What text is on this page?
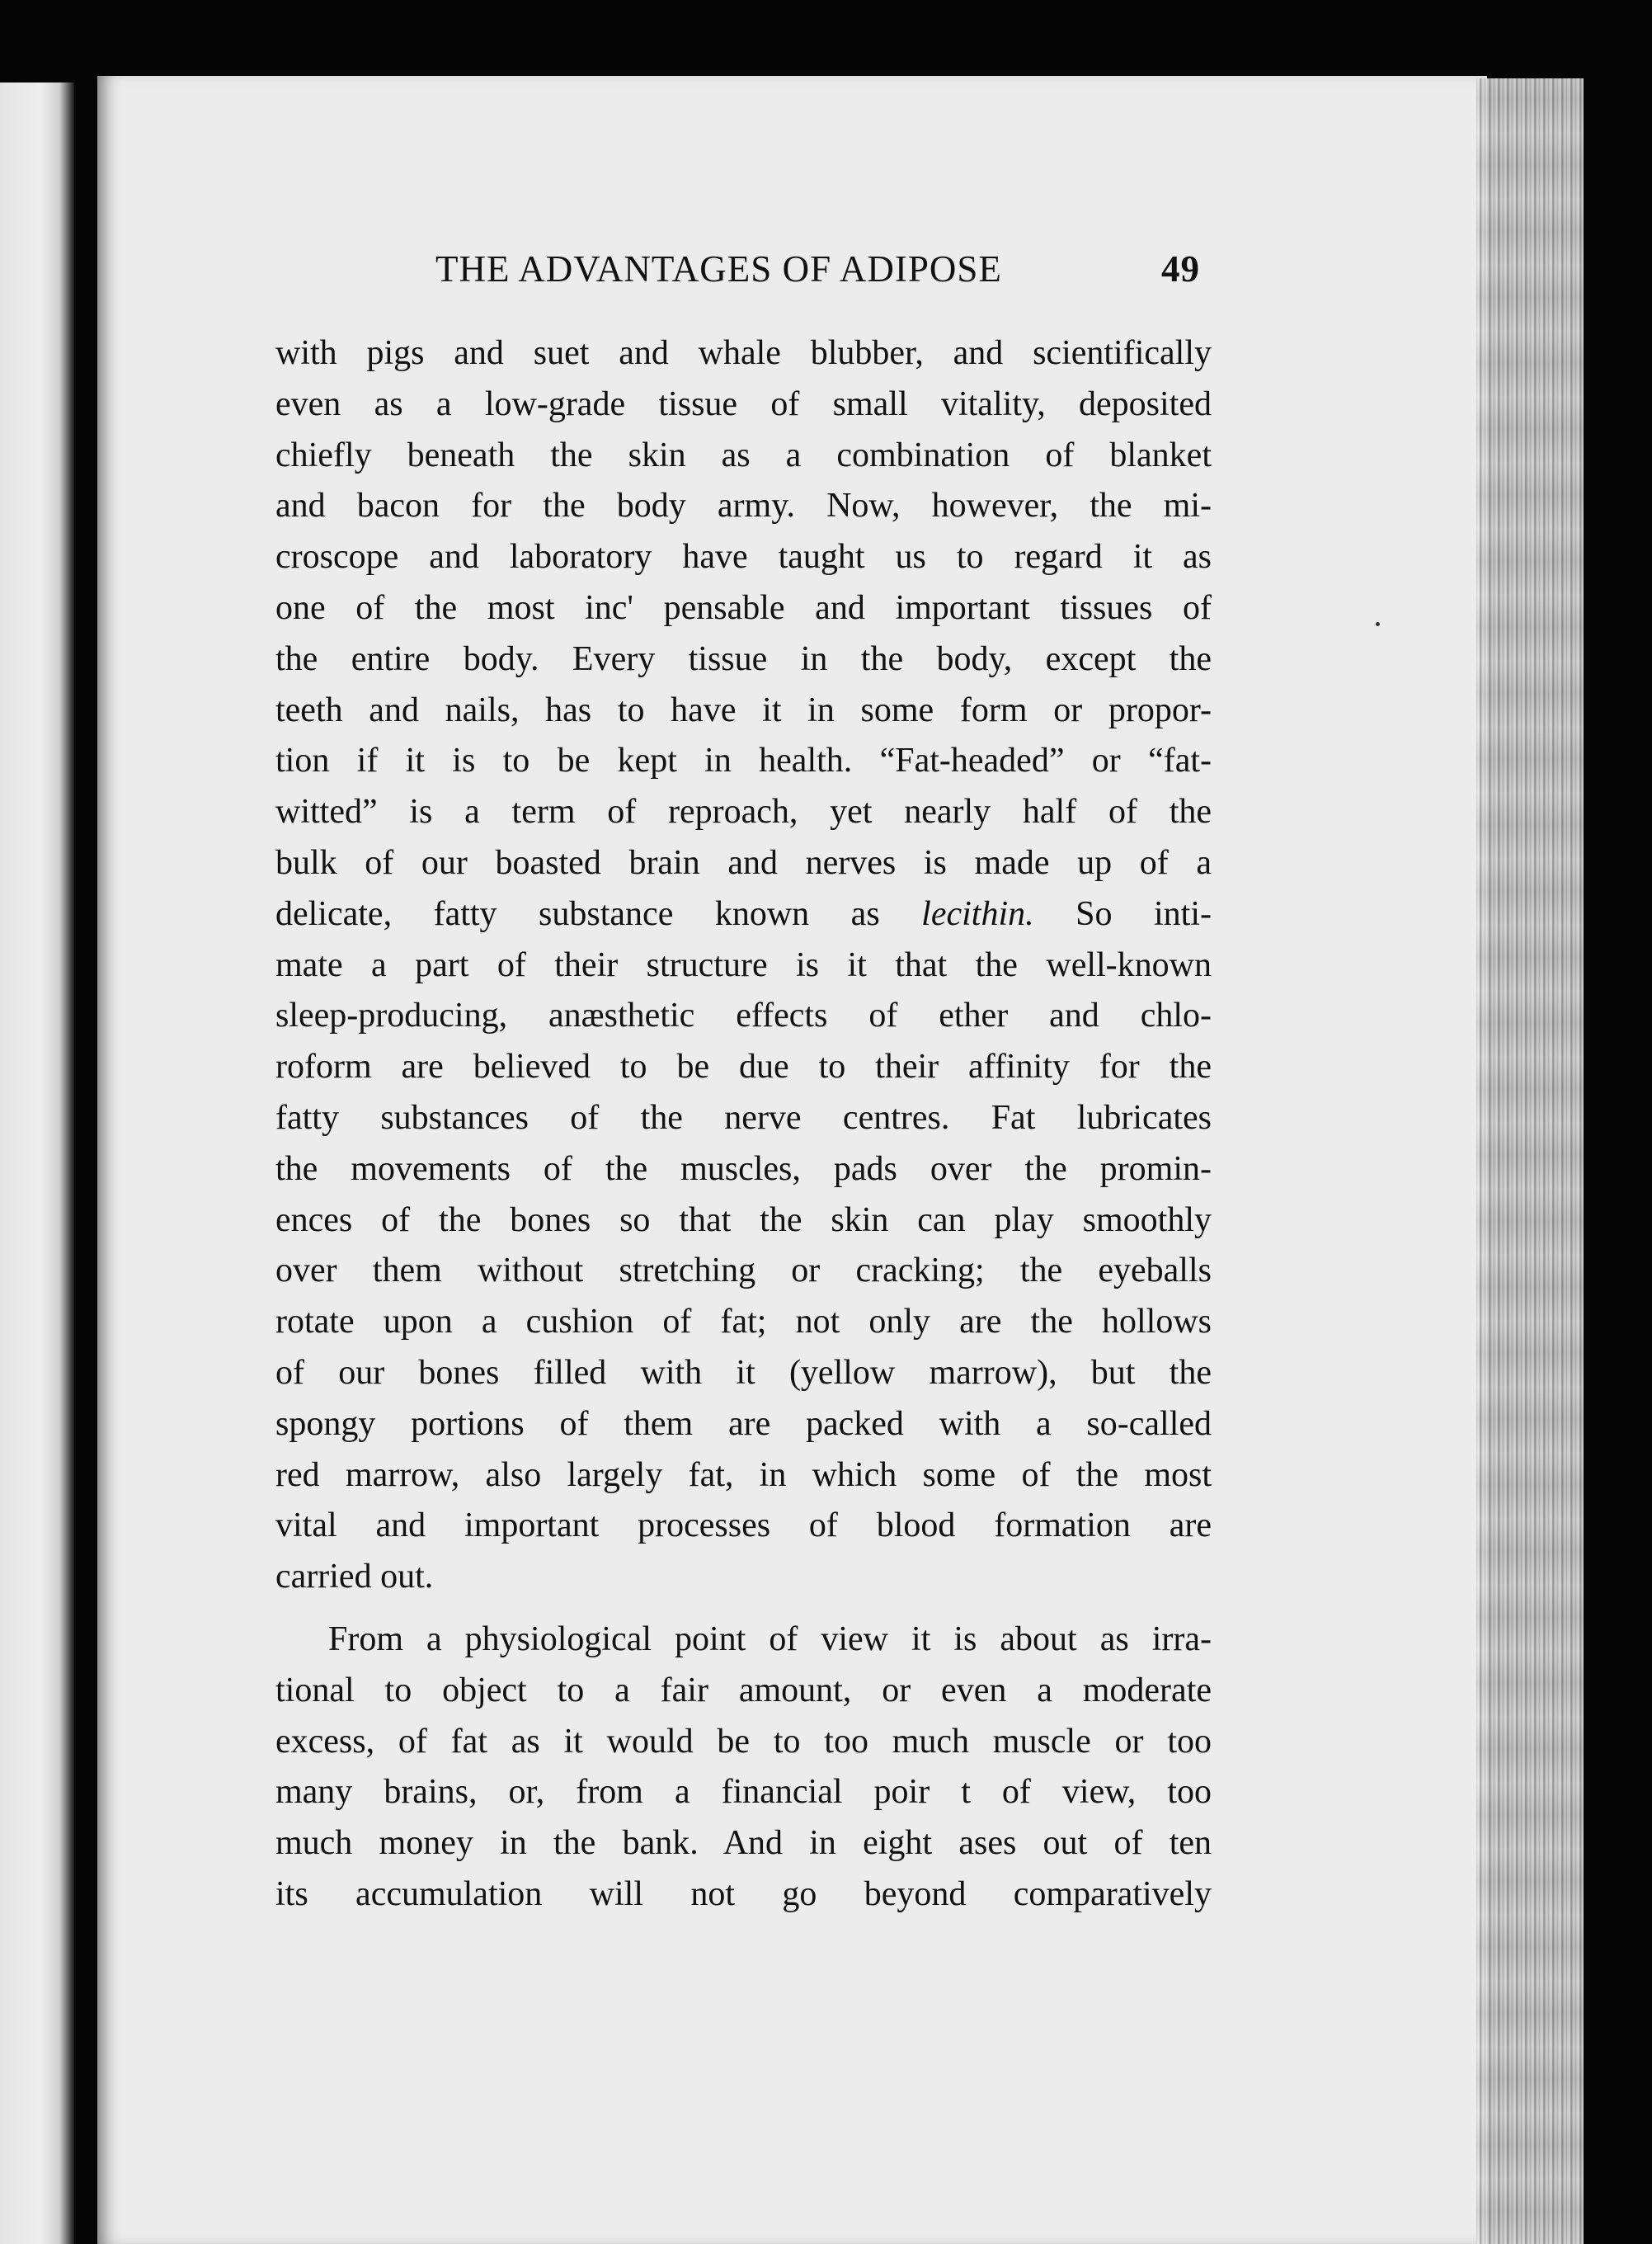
THE ADVANTAGES OF ADIPOSE	49
with pigs and suet and whale blubber, and scientifically
even as a low-grade tissue of small vitality, deposited
chiefly beneath the skin as a combination of blanket
and bacon for the body army. Now, however, the mi-
croscope and laboratory have taught us to regard it as
one of the most inc' pensable and important tissues of
the entire body. Every tissue in the body, except the
teeth and nails, has to have it in some form or propor-
tion if it is to be kept in health. “Fat-headed” or “fat-
witted” is a term of reproach, yet nearly half of the
bulk of our boasted brain and nerves is made up of a
delicate, fatty substance known as lecithin. So inti-
mate a part of their structure is it that the well-known
sleep-producing, anæsthetic effects of ether and chlo-
roform are believed to be due to their affinity for the
fatty substances of the nerve centres. Fat lubricates
the movements of the muscles, pads over the promin-
ences of the bones so that the skin can play smoothly
over them without stretching or cracking; the eyeballs
rotate upon a cushion of fat; not only are the hollows
of our bones filled with it (yellow marrow), but the
spongy portions of them are packed with a so-called
red marrow, also largely fat, in which some of the most
vital and important processes of blood formation are
carried out.
From a physiological point of view it is about as irra-
tional to object to a fair amount, or even a moderate
excess, of fat as it would be to too much muscle or too
many brains, or, from a financial poir t of view, too
much money in the bank. And in eight ases out of ten
its accumulation will not go beyond comparatively
